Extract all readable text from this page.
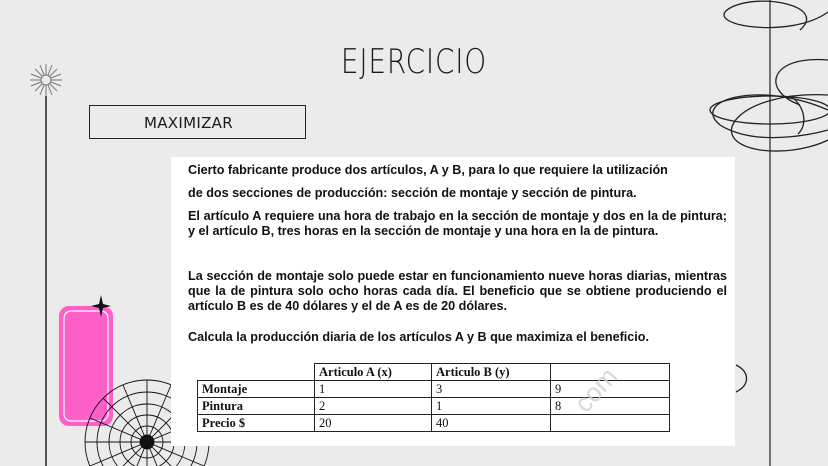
EJERCICIO
MAXIMIZAR

Cierto fabricante produce dos artículos, A y B, para lo que requiere la utilización

de dos secciones de producción: sección de montaje y sección de pintura.

El artículo A requiere una hora de trabajo en la sección de montaje y dos en la de pintura; y el artículo B, tres horas en la sección de montaje y una hora en la de pintura.

La sección de montaje solo puede estar en funcionamiento nueve horas diarias, mientras que la de pintura solo ocho horas cada día. El beneficio que se obtiene produciendo el artículo B es de 40 dólares y el de A es de 20 dólares.

Calcula la producción diaria de los artículos A y B que maximiza el beneficio.

	Articulo A (x)	Articulo B (y)	
Montaje	1	3	9
Pintura	2	1	8
Precio $	20	40	
com
